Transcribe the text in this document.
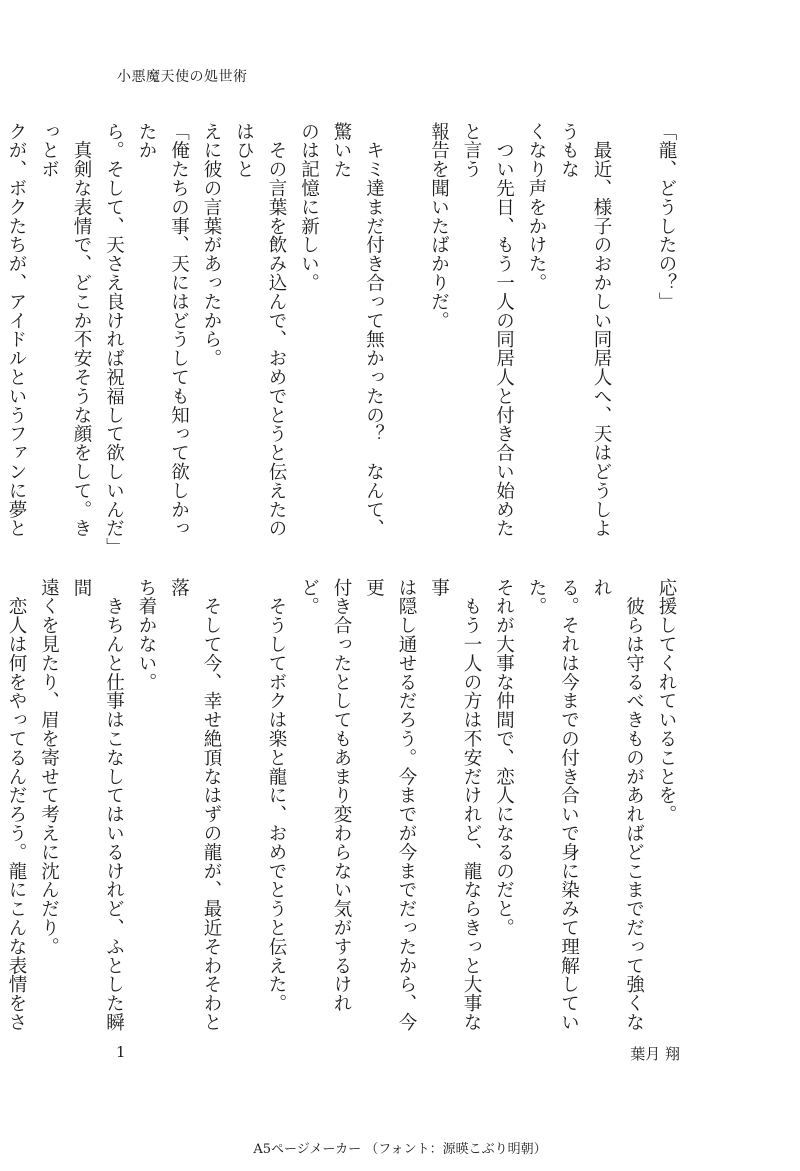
小悪魔天使の処世術
「龍、どうしたの？」

　最近、様子のおかしい同居人へ、天はどうしようもな
くなり声をかけた。
　つい先日、もう一人の同居人と付き合い始めたと言う
報告を聞いたばかりだ。

　キミ達まだ付き合って無かったの？　なんて、驚いた
のは記憶に新しい。
　その言葉を飲み込んで、おめでとうと伝えたのはひと
えに彼の言葉があったから。
「俺たちの事、天にはどうしても知って欲しかったか
ら。そして、天さえ良ければ祝福して欲しいんだ」
　真剣な表情で、どこか不安そうな顔をして。きっとボ
クが、ボクたちが、アイドルというファンに夢と
応援してくれていることを。
　彼らは守るべきものがあればどこまでだって強くなれ
る。それは今までの付き合いで身に染みて理解していた。
それが大事な仲間で、恋人になるのだと。
　もう一人の方は不安だけれど、龍ならきっと大事な事
は隠し通せるだろう。今までが今までだったから、今更
付き合ったとしてもあまり変わらない気がするけれど。
　そうしてボクは楽と龍に、おめでとうと伝えた。

　そして今、幸せ絶頂なはずの龍が、最近そわそわと落
ち着かない。
　きちんと仕事はこなしてはいるけれど、ふとした瞬間
遠くを見たり、眉を寄せて考えに沈んだり。
　恋人は何をやってるんだろう。龍にこんな表情をさ
1	葉月 翔
A5ページメーカー （フォント：源暎こぶり明朝）
